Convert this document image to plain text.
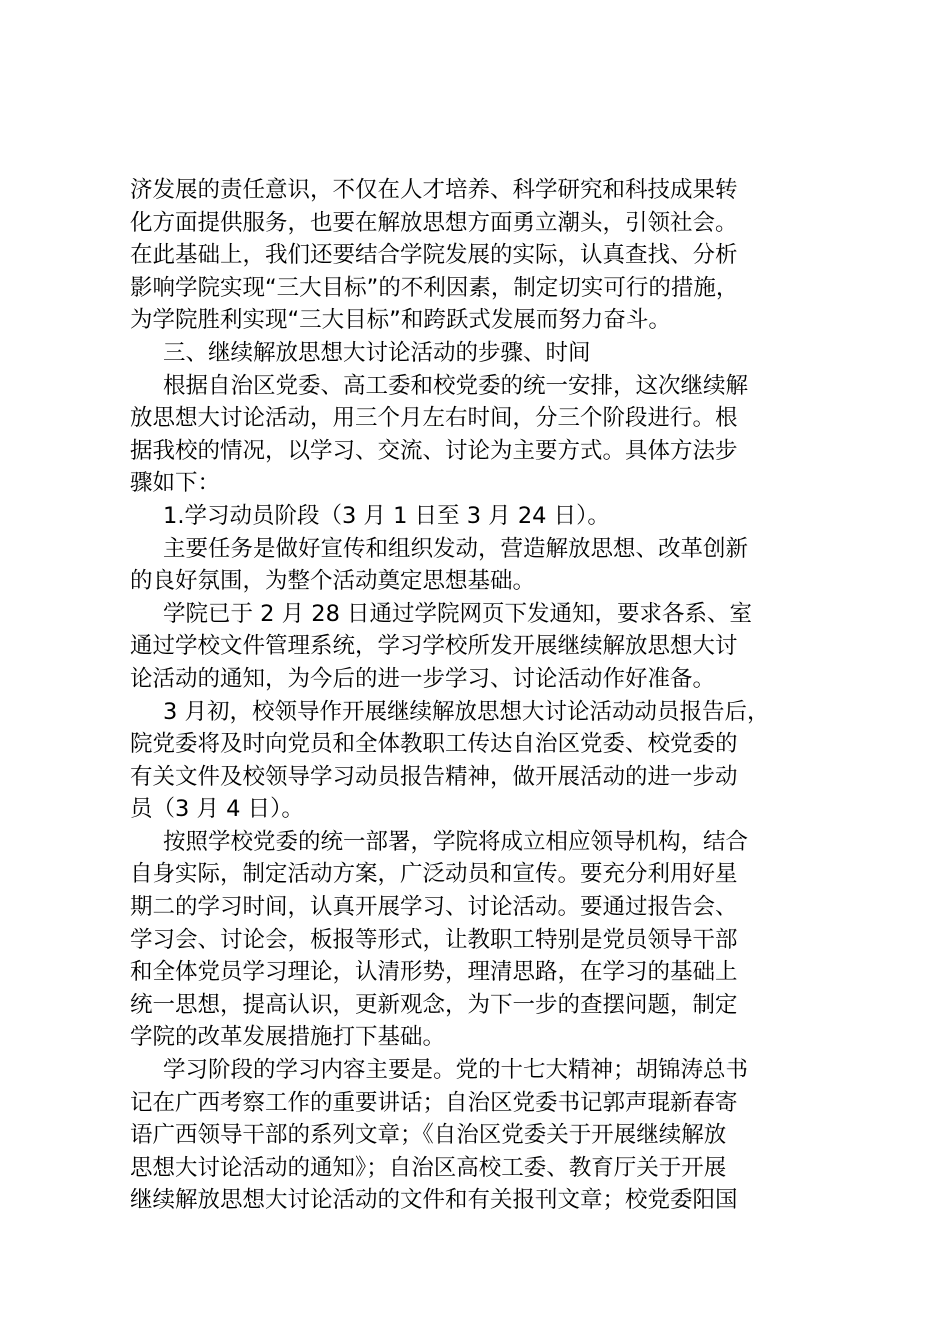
济发展的责任意识，不仅在人才培养、科学研究和科技成果转
化方面提供服务，也要在解放思想方面勇立潮头，引领社会。
在此基础上，我们还要结合学院发展的实际，认真查找、分析
影响学院实现“三大目标”的不利因素，制定切实可行的措施，
为学院胜利实现“三大目标”和跨跃式发展而努力奋斗。
三、继续解放思想大讨论活动的步骤、时间
根据自治区党委、高工委和校党委的统一安排，这次继续解
放思想大讨论活动，用三个月左右时间，分三个阶段进行。根
据我校的情况，以学习、交流、讨论为主要方式。具体方法步
骤如下：
1.学习动员阶段（3 月 1 日至 3 月 24 日）。
主要任务是做好宣传和组织发动，营造解放思想、改革创新
的良好氛围，为整个活动奠定思想基础。
学院已于 2 月 28 日通过学院网页下发通知，要求各系、室
通过学校文件管理系统，学习学校所发开展继续解放思想大讨
论活动的通知，为今后的进一步学习、讨论活动作好准备。
3 月初，校领导作开展继续解放思想大讨论活动动员报告后，
院党委将及时向党员和全体教职工传达自治区党委、校党委的
有关文件及校领导学习动员报告精神，做开展活动的进一步动
员（3 月 4 日）。
按照学校党委的统一部署，学院将成立相应领导机构，结合
自身实际，制定活动方案，广泛动员和宣传。要充分利用好星
期二的学习时间，认真开展学习、讨论活动。要通过报告会、
学习会、讨论会，板报等形式，让教职工特别是党员领导干部
和全体党员学习理论，认清形势，理清思路，在学习的基础上
统一思想，提高认识，更新观念，为下一步的查摆问题，制定
学院的改革发展措施打下基础。
学习阶段的学习内容主要是。党的十七大精神；胡锦涛总书
记在广西考察工作的重要讲话；自治区党委书记郭声琨新春寄
语广西领导干部的系列文章；《自治区党委关于开展继续解放
思想大讨论活动的通知》；自治区高校工委、教育厅关于开展
继续解放思想大讨论活动的文件和有关报刊文章；校党委阳国
